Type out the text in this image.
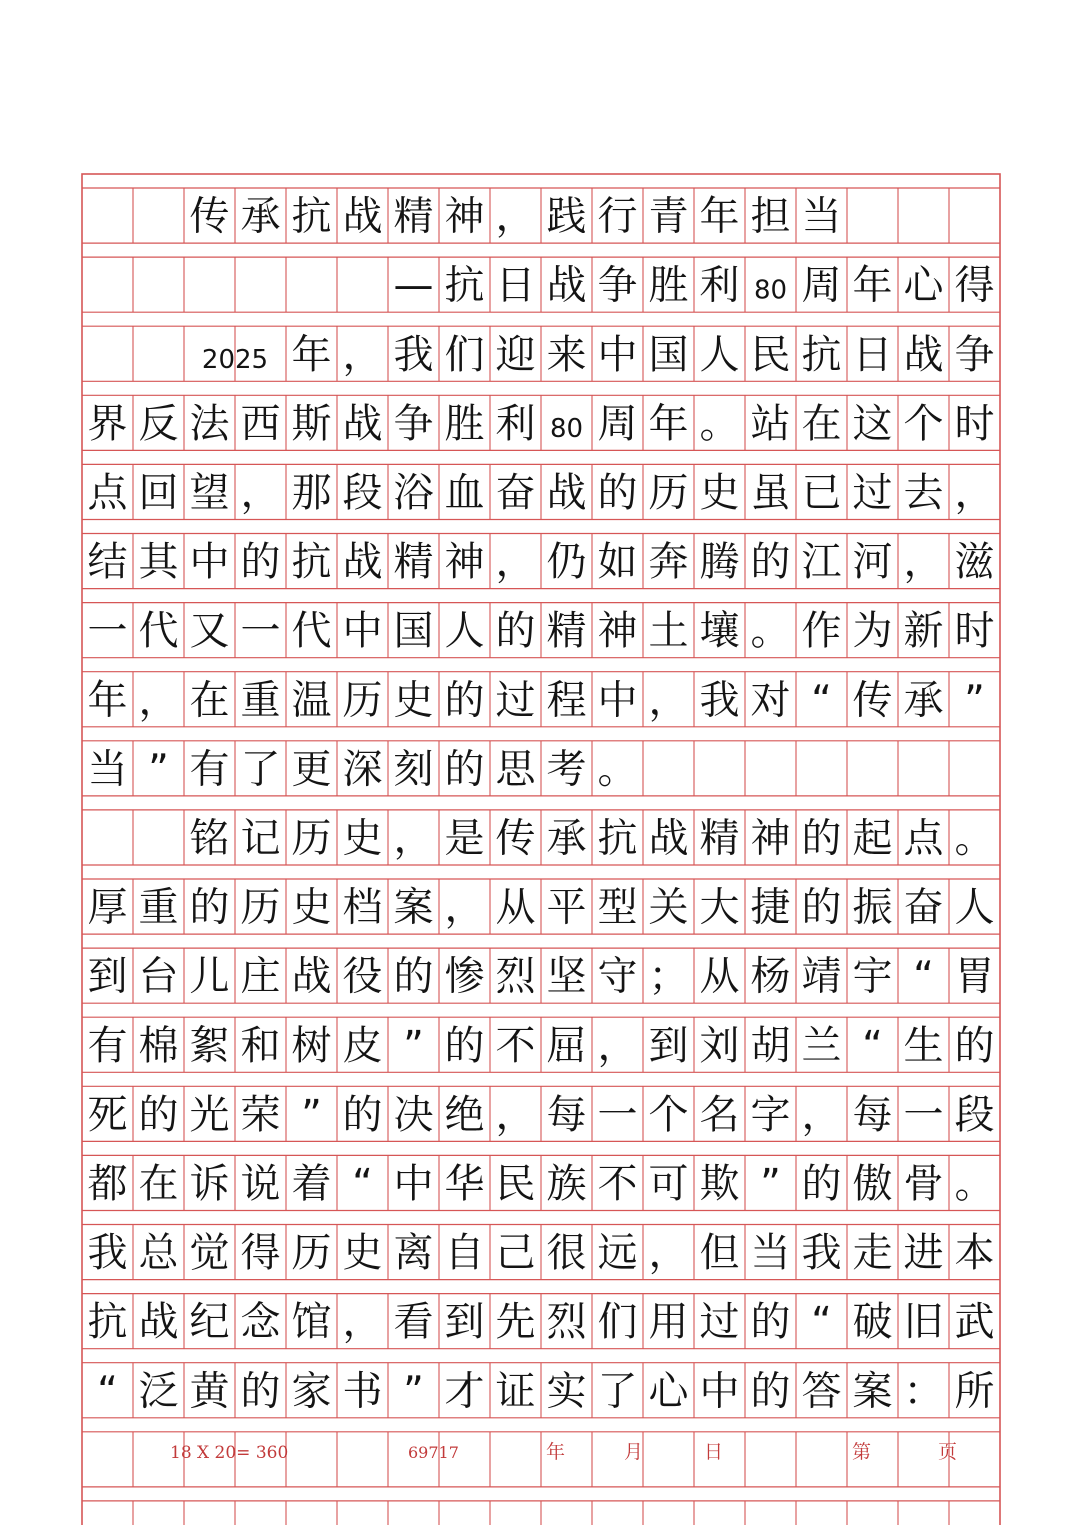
传 承 抗 战 精 神 ， 践 行 青 年 担 当
— 抗 日 战 争 胜 利 80 周 年 心 得
2025 年 ， 我 们 迎 来 中 国 人 民 抗 日 战 争
界 反 法 西 斯 战 争 胜 利 80 周 年 。 站 在 这 个 时
点 回 望 ， 那 段 浴 血 奋 战 的 历 史 虽 已 过 去 ，
结 其 中 的 抗 战 精 神 ， 仍 如 奔 腾 的 江 河 ， 滋
一 代 又 一 代 中 国 人 的 精 神 土 壤 。 作 为 新 时
年 ， 在 重 温 历 史 的 过 程 中 ， 我 对 “ 传 承 ”
当 ” 有 了 更 深 刻 的 思 考 。
铭 记 历 史 ， 是 传 承 抗 战 精 神 的 起 点 。
厚 重 的 历 史 档 案 ， 从 平 型 关 大 捷 的 振 奋 人
到 台 儿 庄 战 役 的 惨 烈 坚 守 ； 从 杨 靖 宇 “ 胃
有 棉 絮 和 树 皮 ” 的 不 屈 ， 到 刘 胡 兰 “ 生 的
死 的 光 荣 ” 的 决 绝 ， 每 一 个 名 字 ， 每 一 段
都 在 诉 说 着 “ 中 华 民 族 不 可 欺 ” 的 傲 骨 。
我 总 觉 得 历 史 离 自 己 很 远 ， 但 当 我 走 进 本
抗 战 纪 念 馆 ， 看 到 先 烈 们 用 过 的 “ 破 旧 武
“ 泛 黄 的 家 书 ” 才 证 实 了 心 中 的 答 案 ： 所
18 X 20= 360	69717	年	月	日	第	页
